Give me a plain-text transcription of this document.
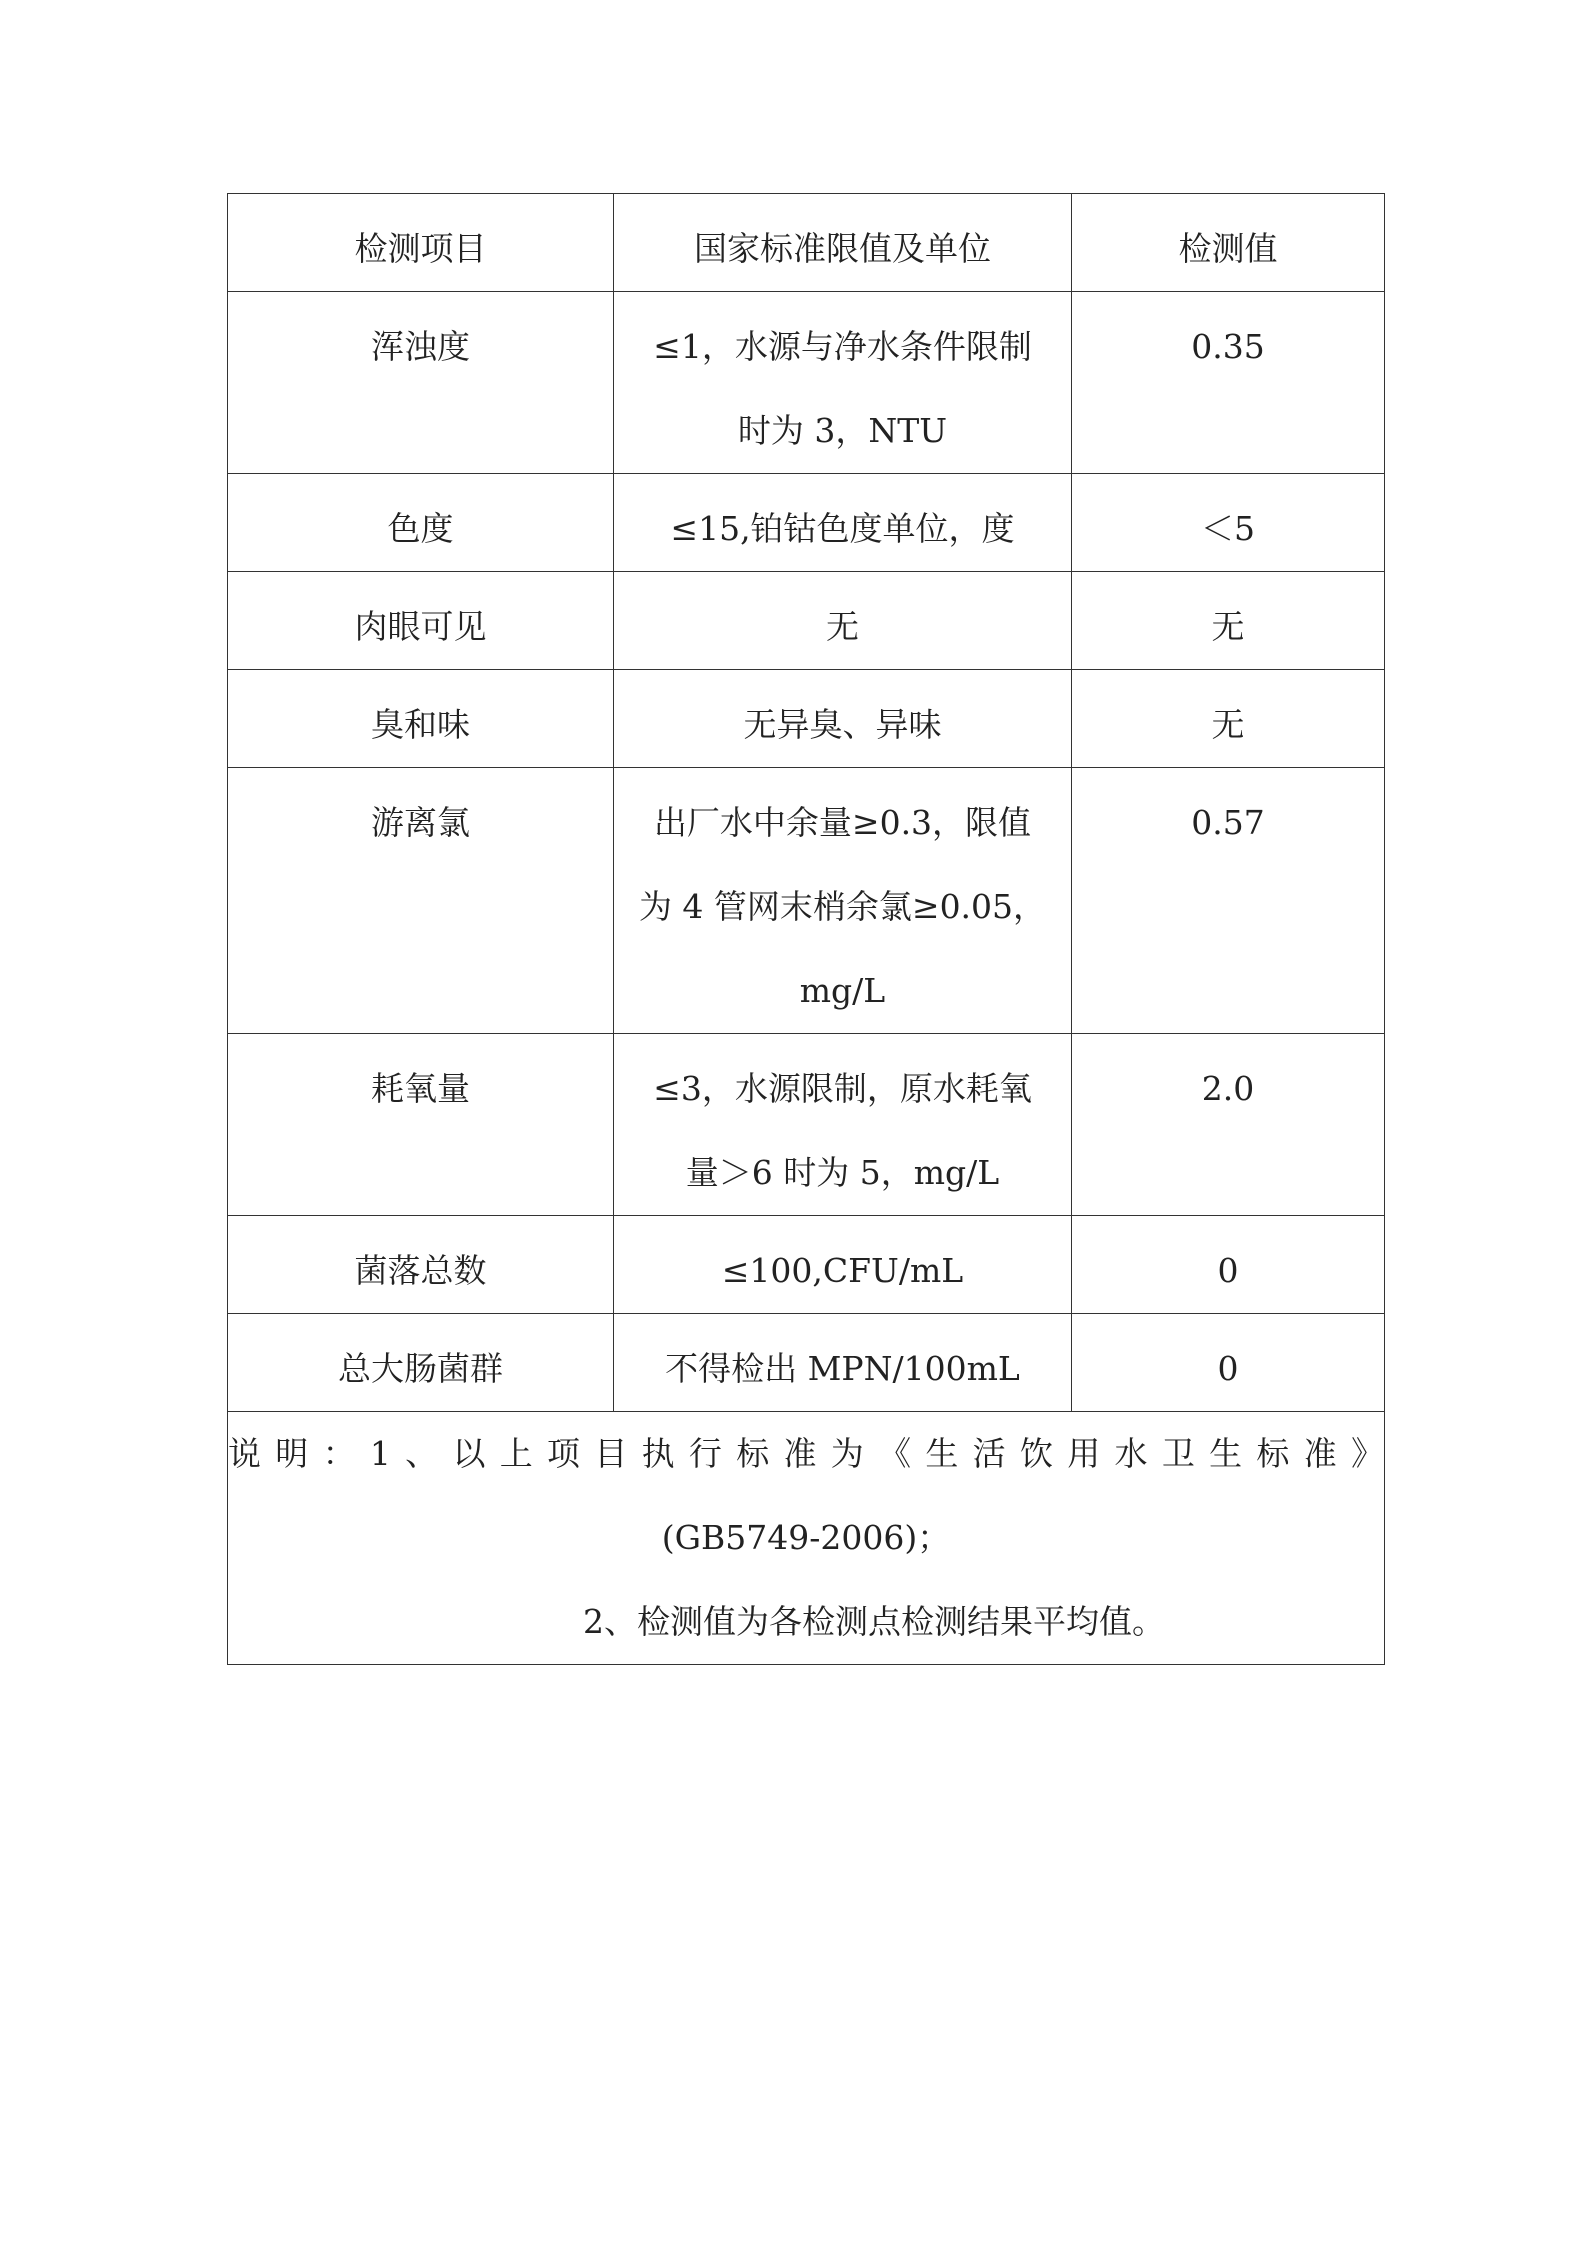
检测项目	国家标准限值及单位	检测值

浑浊度	≤1，水源与净水条件限制
时为 3，NTU	0.35

色度	≤15,铂钴色度单位，度	＜5

肉眼可见	无	无

臭和味	无异臭、异味	无

游离氯	出厂水中余量≥0.3，限值
为 4 管网末梢余氯≥0.05，
mg/L	0.57

耗氧量	≤3，水源限制，原水耗氧
量＞6 时为 5，mg/L	2.0

菌落总数	≤100,CFU/mL	0

总大肠菌群	不得检出 MPN/100mL	0

说明：1、以上项目执行标准为《生活饮用水卫生标准》
(GB5749-2006)；
2、检测值为各检测点检测结果平均值。		
